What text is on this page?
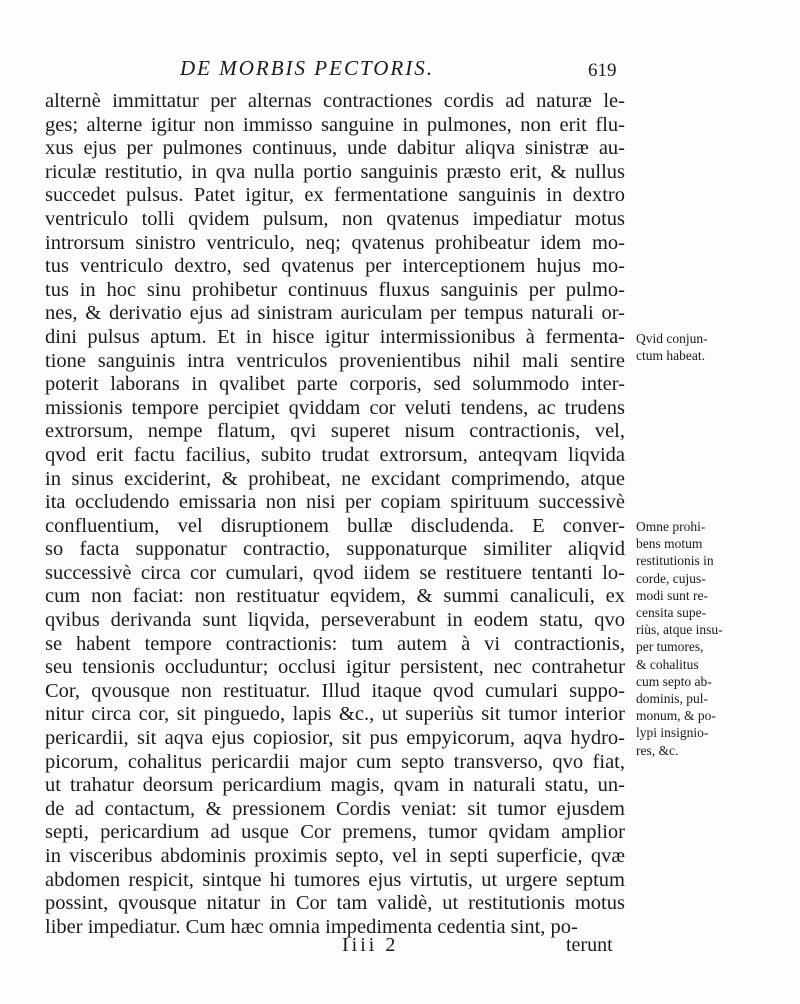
DE MORBIS PECTORIS.	619
alternè immittatur per alternas contractiones cordis ad naturæ le-
ges; alterne igitur non immisso sanguine in pulmones, non erit flu-
xus ejus per pulmones continuus, unde dabitur aliqva sinistræ au-
riculæ restitutio, in qva nulla portio sanguinis præsto erit, & nullus
succedet pulsus. Patet igitur, ex fermentatione sanguinis in dextro
ventriculo tolli qvidem pulsum, non qvatenus impediatur motus
introrsum sinistro ventriculo, neq; qvatenus prohibeatur idem mo-
tus ventriculo dextro, sed qvatenus per interceptionem hujus mo-
tus in hoc sinu prohibetur continuus fluxus sanguinis per pulmo-
nes, & derivatio ejus ad sinistram auriculam per tempus naturali or-
dini pulsus aptum. Et in hisce igitur intermissionibus à fermenta-
tione sanguinis intra ventriculos provenientibus nihil mali sentire
poterit laborans in qvalibet parte corporis, sed solummodo inter-
missionis tempore percipiet qviddam cor veluti tendens, ac trudens
extrorsum, nempe flatum, qvi superet nisum contractionis, vel,
qvod erit factu facilius, subito trudat extrorsum, anteqvam liqvida
in sinus exciderint, & prohibeat, ne excidant comprimendo, atque
ita occludendo emissaria non nisi per copiam spirituum successivè
confluentium, vel disruptionem bullæ discludenda. E conver-
so facta supponatur contractio, supponaturque similiter aliqvid
successivè circa cor cumulari, qvod iidem se restituere tentanti lo-
cum non faciat: non restituatur eqvidem, & summi canaliculi, ex
qvibus derivanda sunt liqvida, perseverabunt in eodem statu, qvo
se habent tempore contractionis: tum autem à vi contractionis,
seu tensionis occluduntur; occlusi igitur persistent, nec contrahetur
Cor, qvousque non restituatur. Illud itaque qvod cumulari suppo-
nitur circa cor, sit pinguedo, lapis &c., ut superiùs sit tumor interior
pericardii, sit aqva ejus copiosior, sit pus empyicorum, aqva hydro-
picorum, cohalitus pericardii major cum septo transverso, qvo fiat,
ut trahatur deorsum pericardium magis, qvam in naturali statu, un-
de ad contactum, & pressionem Cordis veniat: sit tumor ejusdem
septi, pericardium ad usque Cor premens, tumor qvidam amplior
in visceribus abdominis proximis septo, vel in septi superficie, qvæ
abdomen respicit, sintque hi tumores ejus virtutis, ut urgere septum
possint, qvousque nitatur in Cor tam validè, ut restitutionis motus
liber impediatur. Cum hæc omnia impedimenta cedentia sint, po-
Qvid conjun-
ctum habeat.
Omne prohi-
bens motum
restitutionis in
corde, cujus-
modi sunt re-
censita supe-
riùs, atque insu-
per tumores,
& cohalitus
cum septo ab-
dominis, pul-
monum, & po-
lypi insignio-
res, &c.
Iiii 2	terunt
